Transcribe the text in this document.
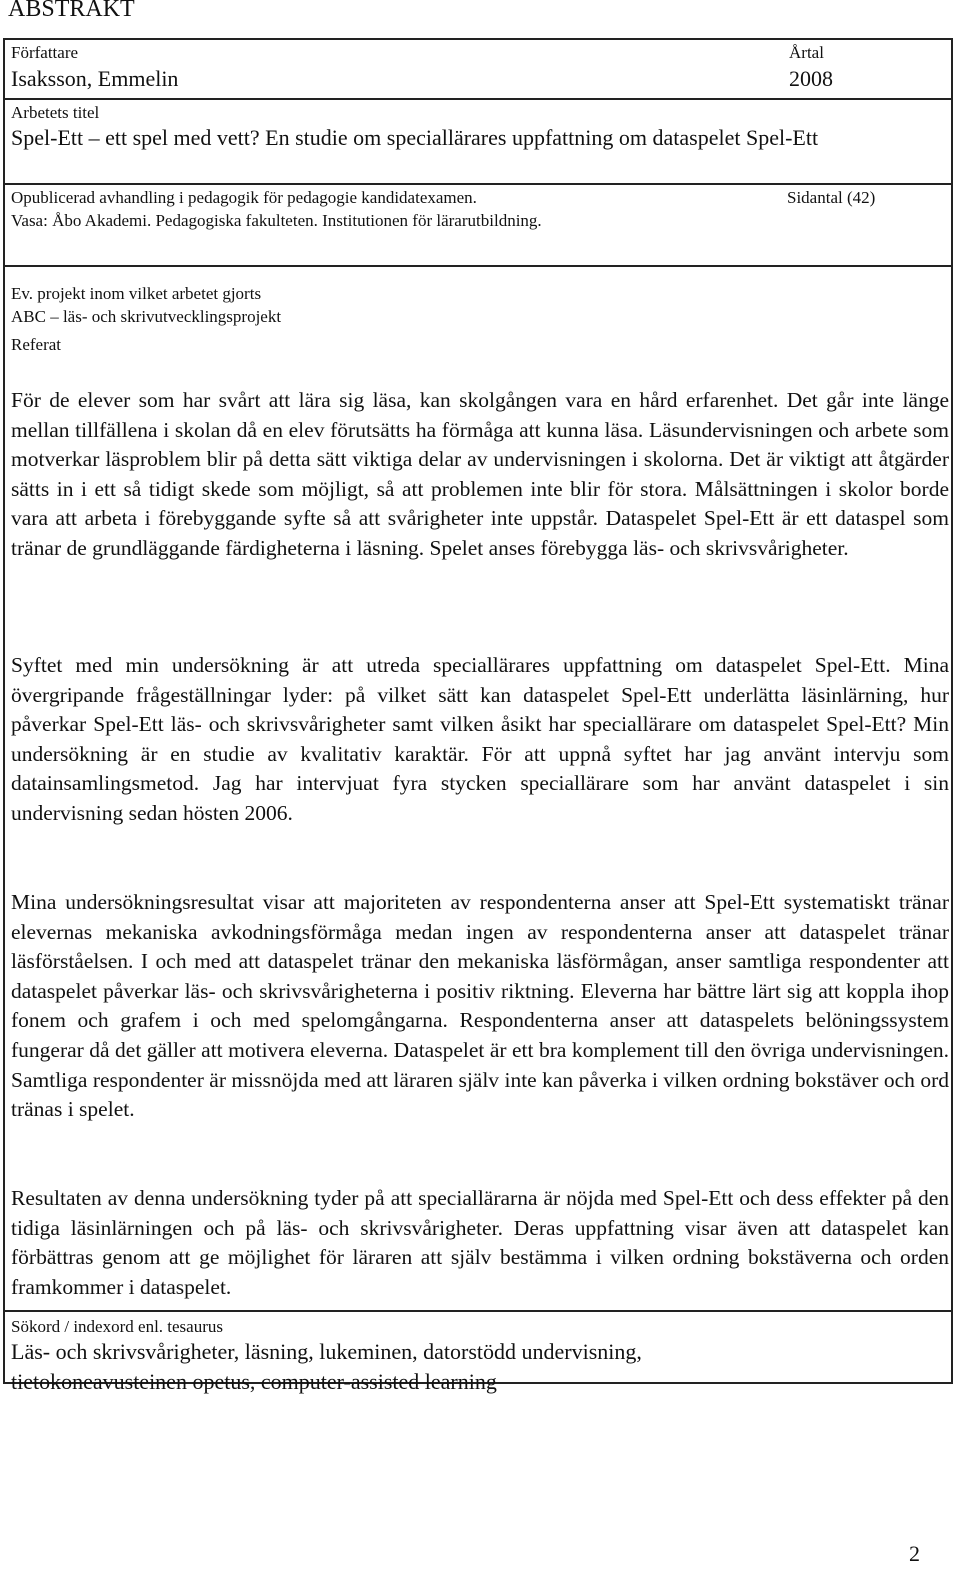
ABSTRAKT
Författare
Isaksson, Emmelin
Årtal
2008
Arbetets titel
Spel-Ett – ett spel med vett? En studie om speciallärares uppfattning om dataspelet Spel-Ett
Opublicerad avhandling i pedagogik för pedagogie kandidatexamen.
Vasa: Åbo Akademi. Pedagogiska fakulteten. Institutionen för lärarutbildning.
Sidantal (42)
Ev. projekt inom vilket arbetet gjorts
ABC – läs- och skrivutvecklingsprojekt
Referat

För de elever som har svårt att lära sig läsa, kan skolgången vara en hård erfarenhet. Det går inte länge mellan tillfällena i skolan då en elev förutsätts ha förmåga att kunna läsa. Läsundervisningen och arbete som motverkar läsproblem blir på detta sätt viktiga delar av undervisningen i skolorna. Det är viktigt att åtgärder sätts in i ett så tidigt skede som möjligt, så att problemen inte blir för stora. Målsättningen i skolor borde vara att arbeta i förebyggande syfte så att svårigheter inte uppstår. Dataspelet Spel-Ett är ett dataspel som tränar de grundläggande färdigheterna i läsning. Spelet anses förebygga läs- och skrivsvårigheter.

Syftet med min undersökning är att utreda speciallärares uppfattning om dataspelet Spel-Ett. Mina övergripande frågeställningar lyder: på vilket sätt kan dataspelet Spel-Ett underlätta läsinlärning, hur påverkar Spel-Ett läs- och skrivsvårigheter samt vilken åsikt har speciallärare om dataspelet Spel-Ett? Min undersökning är en studie av kvalitativ karaktär. För att uppnå syftet har jag använt intervju som datainsamlingsmetod. Jag har intervjuat fyra stycken speciallärare som har använt dataspelet i sin undervisning sedan hösten 2006.

Mina undersökningsresultat visar att majoriteten av respondenterna anser att Spel-Ett systematiskt tränar elevernas mekaniska avkodningsförmåga medan ingen av respondenterna anser att dataspelet tränar läsförståelsen. I och med att dataspelet tränar den mekaniska läsförmågan, anser samtliga respondenter att dataspelet påverkar läs- och skrivsvårigheterna i positiv riktning. Eleverna har bättre lärt sig att koppla ihop fonem och grafem i och med spelomgångarna. Respondenterna anser att dataspelets belöningssystem fungerar då det gäller att motivera eleverna. Dataspelet är ett bra komplement till den övriga undervisningen. Samtliga respondenter är missnöjda med att läraren själv inte kan påverka i vilken ordning bokstäver och ord tränas i spelet.

Resultaten av denna undersökning tyder på att speciallärarna är nöjda med Spel-Ett och dess effekter på den tidiga läsinlärningen och på läs- och skrivsvårigheter. Deras uppfattning visar även att dataspelet kan förbättras genom att ge möjlighet för läraren att själv bestämma i vilken ordning bokstäverna och orden framkommer i dataspelet.

Sökord / indexord enl. tesaurus
Läs- och skrivsvårigheter, läsning, lukeminen, datorstödd undervisning,
tietokoneavusteinen opetus, computer-assisted learning
2
